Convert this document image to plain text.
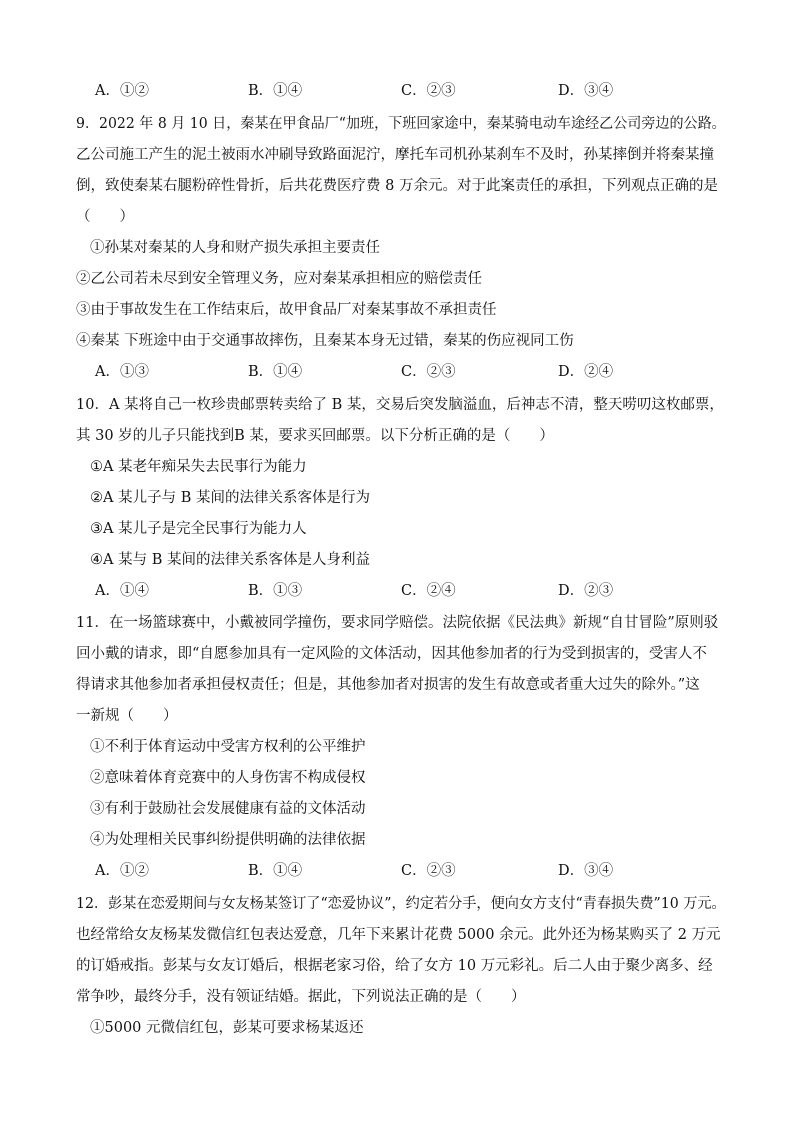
A．①②	B．①④	C．②③	D．③④
9．2022 年 8 月 10 日，秦某在甲食品厂“加班，下班回家途中，秦某骑电动车途经乙公司旁边的公路。
乙公司施工产生的泥土被雨水冲刷导致路面泥泞，摩托车司机孙某刹车不及时，孙某摔倒并将秦某撞
倒，致使秦某右腿粉碎性骨折，后共花费医疗费 8 万余元。对于此案责任的承担，下列观点正确的是
（　　）
①孙某对秦某的人身和财产损失承担主要责任
②乙公司若未尽到安全管理义务，应对秦某承担相应的赔偿责任
③由于事故发生在工作结束后，故甲食品厂对秦某事故不承担责任
④秦某 下班途中由于交通事故摔伤，且秦某本身无过错，秦某的伤应视同工伤
A．①③	B．①④	C．②③	D．②④
10．A 某将自己一枚珍贵邮票转卖给了 B 某，交易后突发脑溢血，后神志不清，整天唠叨这枚邮票，
其 30 岁的儿子只能找到B 某，要求买回邮票。以下分析正确的是（　　）
①A 某老年痴呆失去民事行为能力
②A 某儿子与 B 某间的法律关系客体是行为
③A 某儿子是完全民事行为能力人
④A 某与 B 某间的法律关系客体是人身利益
A．①④	B．①③	C．②④	D．②③
11．在一场篮球赛中，小戴被同学撞伤，要求同学赔偿。法院依据《民法典》新规“自甘冒险”原则驳
回小戴的请求，即“自愿参加具有一定风险的文体活动，因其他参加者的行为受到损害的，受害人不
得请求其他参加者承担侵权责任；但是，其他参加者对损害的发生有故意或者重大过失的除外。”这
一新规（　　）
①不利于体育运动中受害方权利的公平维护
②意味着体育竞赛中的人身伤害不构成侵权
③有利于鼓励社会发展健康有益的文体活动
④为处理相关民事纠纷提供明确的法律依据
A．①②	B．①④	C．②③	D．③④
12．彭某在恋爱期间与女友杨某签订了“恋爱协议”，约定若分手，便向女方支付“青春损失费”10 万元。
也经常给女友杨某发微信红包表达爱意，几年下来累计花费 5000 余元。此外还为杨某购买了 2 万元
的订婚戒指。彭某与女友订婚后，根据老家习俗，给了女方 10 万元彩礼。后二人由于聚少离多、经
常争吵，最终分手，没有领证结婚。据此，下列说法正确的是（　　）
①5000 元微信红包，彭某可要求杨某返还
